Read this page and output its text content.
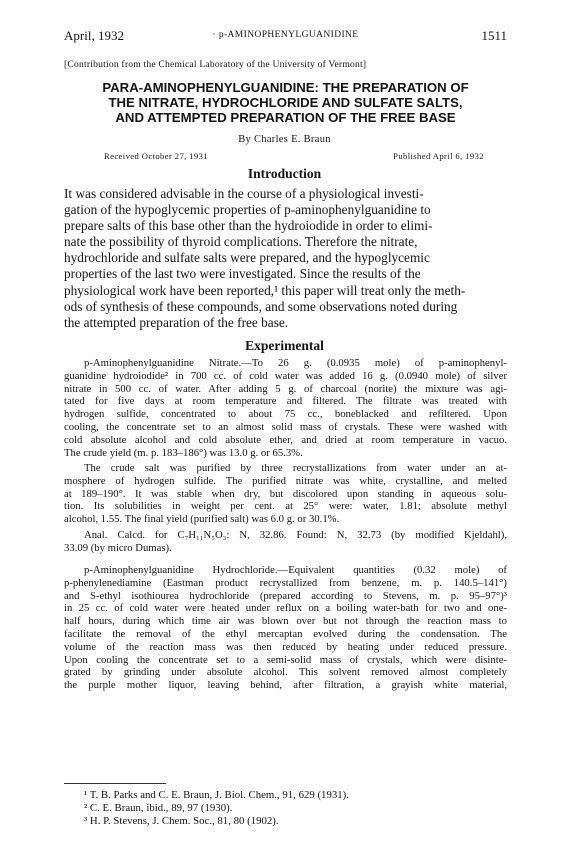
April, 1932	· p-AMINOPHENYLGUANIDINE	1511
[Contribution from the Chemical Laboratory of the University of Vermont]
PARA-AMINOPHENYLGUANIDINE: THE PREPARATION OF
THE NITRATE, HYDROCHLORIDE AND SULFATE SALTS,
AND ATTEMPTED PREPARATION OF THE FREE BASE
By Charles E. Braun
Received October 27, 1931	Published April 6, 1932
Introduction
It was considered advisable in the course of a physiological investi-
gation of the hypoglycemic properties of p-aminophenylguanidine to
prepare salts of this base other than the hydroiodide in order to elimi-
nate the possibility of thyroid complications. Therefore the nitrate,
hydrochloride and sulfate salts were prepared, and the hypoglycemic
properties of the last two were investigated. Since the results of the
physiological work have been reported,¹ this paper will treat only the meth-
ods of synthesis of these compounds, and some observations noted during
the attempted preparation of the free base.
Experimental
p-Aminophenylguanidine Nitrate.—To 26 g. (0.0935 mole) of p-aminophenyl-
guanidine hydroiodide² in 700 cc. of cold water was added 16 g. (0.0940 mole) of silver
nitrate in 500 cc. of water. After adding 5 g. of charcoal (norite) the mixture was agi-
tated for five days at room temperature and filtered. The filtrate was treated with
hydrogen sulfide, concentrated to about 75 cc., boneblacked and refiltered. Upon
cooling, the concentrate set to an almost solid mass of crystals. These were washed with
cold absolute alcohol and cold absolute ether, and dried at room temperature in vacuo.
The crude yield (m. p. 183–186°) was 13.0 g. or 65.3%.
The crude salt was purified by three recrystallizations from water under an at-
mosphere of hydrogen sulfide. The purified nitrate was white, crystalline, and melted
at 189–190°. It was stable when dry, but discolored upon standing in aqueous solu-
tion. Its solubilities in weight per cent. at 25° were: water, 1.81; absolute methyl
alcohol, 1.55. The final yield (purified salt) was 6.0 g. or 30.1%.
Anal. Calcd. for C₇H₁₁N₅O₃: N, 32.86. Found: N, 32.73 (by modified Kjeldahl),
33.09 (by micro Dumas).
p-Aminophenylguanidine Hydrochloride.—Equivalent quantities (0.32 mole) of
p-phenylenediamine (Eastman product recrystallized from benzene, m. p. 140.5–141°)
and S-ethyl isothiourea hydrochloride (prepared according to Stevens, m. p. 95–97°)³
in 25 cc. of cold water were heated under reflux on a boiling water-bath for two and one-
half hours, during which time air was blown over but not through the reaction mass to
facilitate the removal of the ethyl mercaptan evolved during the condensation. The
volume of the reaction mass was then reduced by heating under reduced pressure.
Upon cooling the concentrate set to a semi-solid mass of crystals, which were disinte-
grated by grinding under absolute alcohol. This solvent removed almost completely
the purple mother liquor, leaving behind, after filtration, a grayish white material,
¹ T. B. Parks and C. E. Braun, J. Biol. Chem., 91, 629 (1931).
² C. E. Braun, ibid., 89, 97 (1930).
³ H. P. Stevens, J. Chem. Soc., 81, 80 (1902).
